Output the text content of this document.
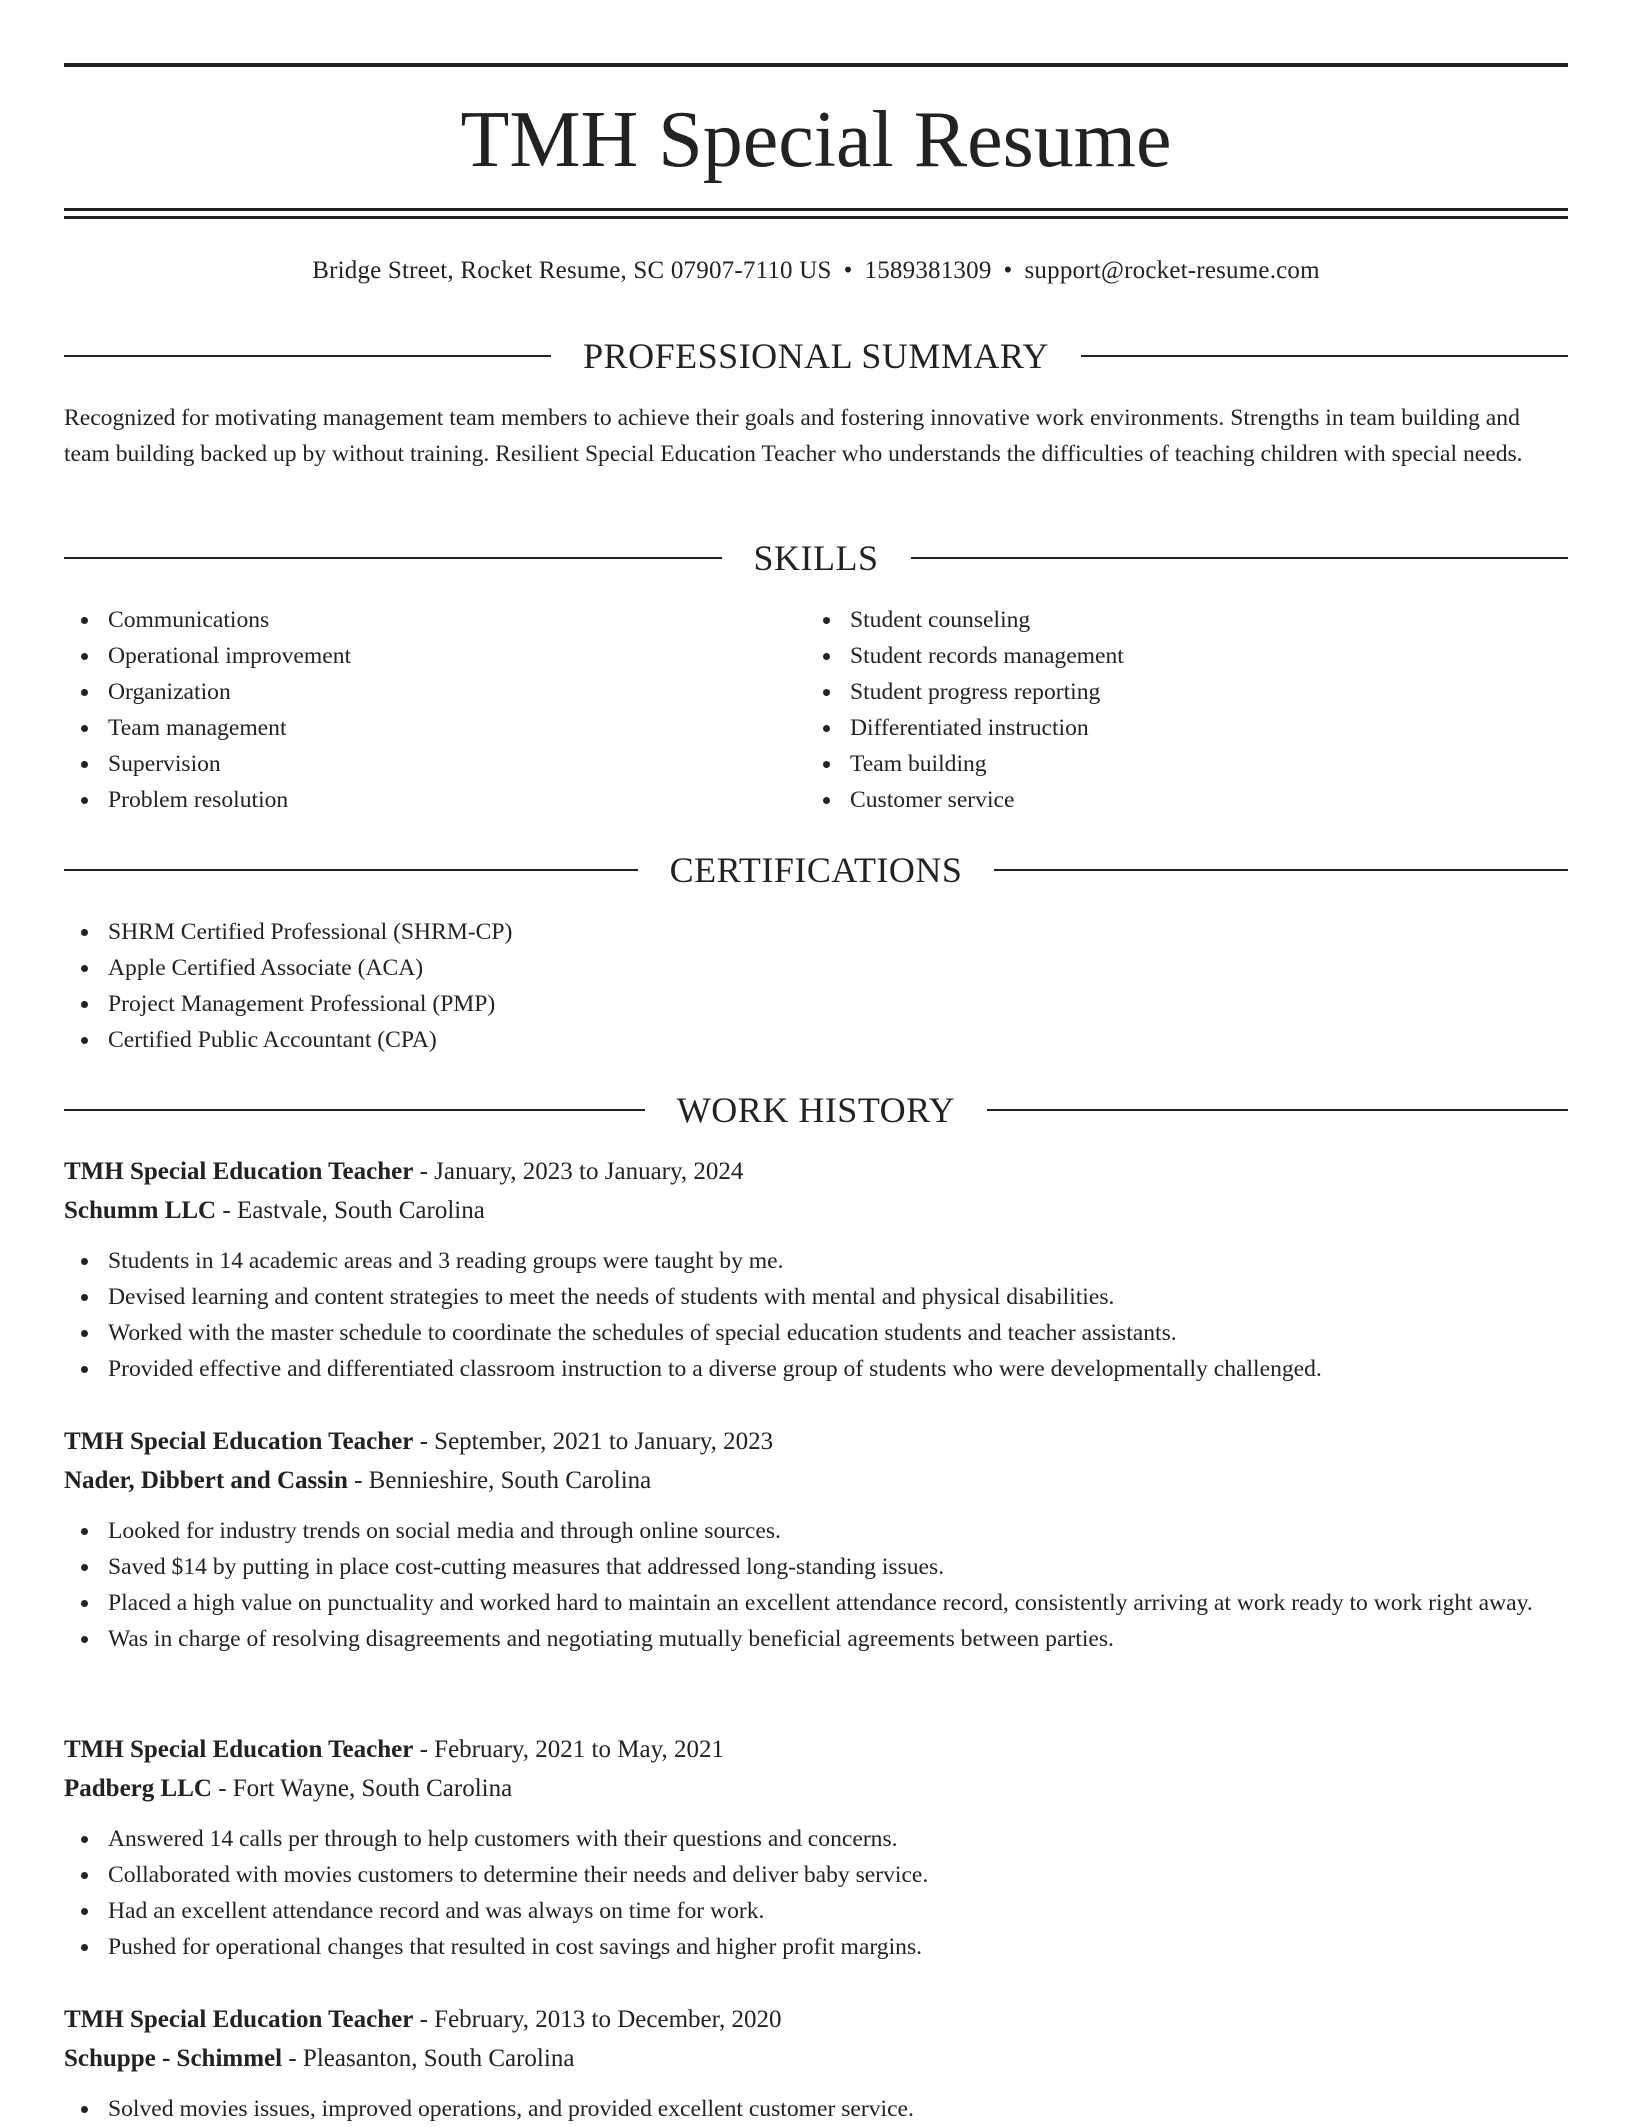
TMH Special Resume
Bridge Street, Rocket Resume, SC 07907-7110 US • 1589381309 • support@rocket-resume.com
PROFESSIONAL SUMMARY

Recognized for motivating management team members to achieve their goals and fostering innovative work environments. Strengths in team building and team building backed up by without training. Resilient Special Education Teacher who understands the difficulties of teaching children with special needs.

SKILLS
Communications
Operational improvement
Organization
Team management
Supervision
Problem resolution
Student counseling
Student records management
Student progress reporting
Differentiated instruction
Team building
Customer service
CERTIFICATIONS
SHRM Certified Professional (SHRM-CP)
Apple Certified Associate (ACA)
Project Management Professional (PMP)
Certified Public Accountant (CPA)
WORK HISTORY
TMH Special Education Teacher - January, 2023 to January, 2024
Schumm LLC - Eastvale, South Carolina
Students in 14 academic areas and 3 reading groups were taught by me.
Devised learning and content strategies to meet the needs of students with mental and physical disabilities.
Worked with the master schedule to coordinate the schedules of special education students and teacher assistants.
Provided effective and differentiated classroom instruction to a diverse group of students who were developmentally challenged.
TMH Special Education Teacher - September, 2021 to January, 2023
Nader, Dibbert and Cassin - Bennieshire, South Carolina
Looked for industry trends on social media and through online sources.
Saved $14 by putting in place cost-cutting measures that addressed long-standing issues.
Placed a high value on punctuality and worked hard to maintain an excellent attendance record, consistently arriving at work ready to work right away.
Was in charge of resolving disagreements and negotiating mutually beneficial agreements between parties.
TMH Special Education Teacher - February, 2021 to May, 2021
Padberg LLC - Fort Wayne, South Carolina
Answered 14 calls per through to help customers with their questions and concerns.
Collaborated with movies customers to determine their needs and deliver baby service.
Had an excellent attendance record and was always on time for work.
Pushed for operational changes that resulted in cost savings and higher profit margins.
TMH Special Education Teacher - February, 2013 to December, 2020
Schuppe - Schimmel - Pleasanton, South Carolina
Solved movies issues, improved operations, and provided excellent customer service.
